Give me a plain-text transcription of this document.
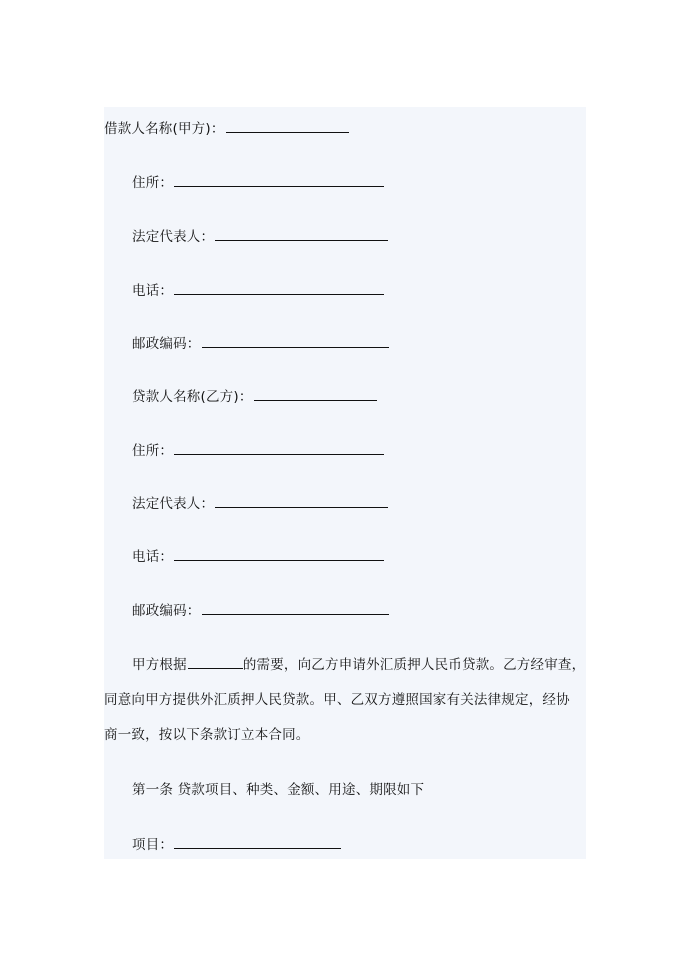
借款人名称(甲方)：
住所：
法定代表人：
电话：
邮政编码：
贷款人名称(乙方)：
住所：
法定代表人：
电话：
邮政编码：
甲方根据	的需要，向乙方申请外汇质押人民币贷款。乙方经审查，
同意向甲方提供外汇质押人民贷款。甲、乙双方遵照国家有关法律规定，经协
商一致，按以下条款订立本合同。
第一条 贷款项目、种类、金额、用途、期限如下
项目：
